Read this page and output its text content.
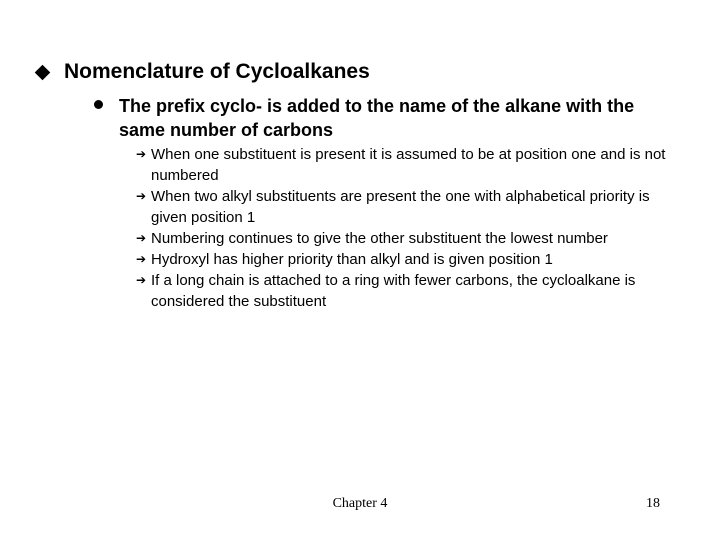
Nomenclature of Cycloalkanes
The prefix cyclo- is added to the name of the alkane with the same number of carbons
➔ When one substituent is present it is assumed to be at position one and is not numbered
➔ When two alkyl substituents are present the one with alphabetical priority is given position 1
➔ Numbering continues to give the other substituent the lowest number
➔ Hydroxyl has higher priority than alkyl and is given position 1
➔ If a long chain is attached to a ring with fewer carbons, the cycloalkane is considered the substituent
Chapter 4	18
